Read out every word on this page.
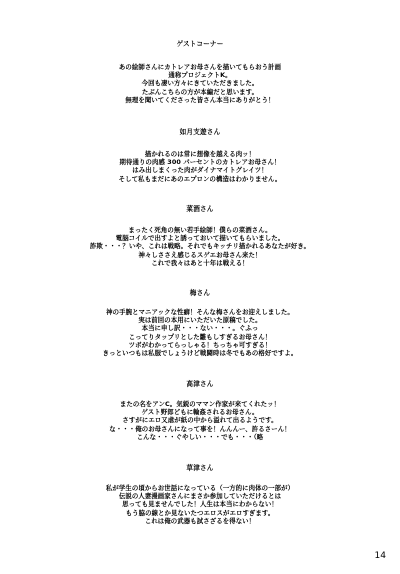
ゲストコーナー
あの絵師さんにカトレアお母さんを描いてもらおう計画
通称プロジェクトK。
今回も凄い方々にきていただきました。
たぶんこちらの方が本編だと思います。
無理を聞いてくださった皆さん本当にありがとう！
如月支遊さん
描かれるのは常に想像を越える肉ッ！
期待通りの肉感 300 パーセントのカトレアお母さん！
はみ出しまくった肉がダイナマイトグレイツ！
そして私もまだにあのエプロンの構造はわかりません。
菜酒さん
まったく死角の無い若手絵師！僕らの菜酒さん。
電脳コイルで出すよと誘っておいて描いてもらいました。
詐欺・・・？いや、これは戦略。それでもキッチリ描かれるあなたが好き。
神々しささえ感じるスゲエお母さん来た！
これで我々はあと十年は戦える！
梅さん
神の手腕とマニアックな性癖！そんな梅さんをお迎えしました。
実は前回の本用にいただいた原稿でした。
本当に申し訳・・・ない・・・。ぐふっ
こってりタップリとした雛もしすぎるお母さん！
ツボがわかってらっしゃる！ちっちゃ可すぎる！
きっといつもは私服でしょうけど戦闘時は冬でもあの格好ですよ。
高津さん
またの名をアンC。気鋭のママン作家が来てくれたッ！
ゲスト野郎どもに輪姦されるお母さん。
さすがにエロ又虐が紙の中から溢れて出るようです。
な・・・俺のお母さんになって事を！んんんー、許るさーん！
こんな・・・ぐやしい・・・でも・・・（略
草津さん
私が学生の頃からお世話になっている（一方的に肉体の一部が）
伝説の人妻漫画家さんにまさか参加していただけるとは
思っても見ませんでした！人生は本当にわからない！
もう脇の線とか見ないたつエロスがエロすぎます。
これは俺の武器も試さざるを得ない！
14
